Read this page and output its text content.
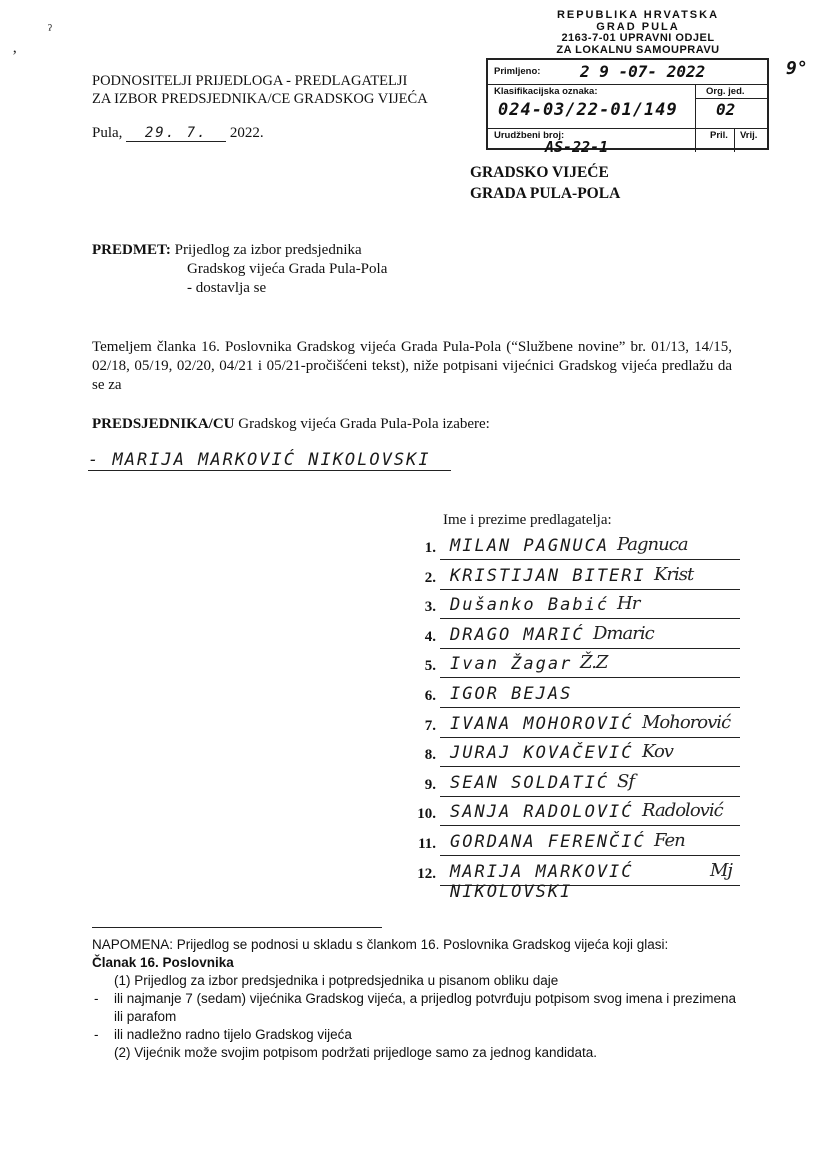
ˀ
ʼ
REPUBLIKA HRVATSKA
GRAD PULA
2163-7-01 UPRAVNI ODJEL
ZA LOKALNU SAMOUPRAVU
Primljeno: 2 9 -07- 2022
Klasifikacijska oznaka:	Org. jed.
024-03/22-01/149 02
Urudžbeni broj:	Pril. Vrij.
AS-22-1
9°
PODNOSITELJI PRIJEDLOGA - PREDLAGATELJI
ZA IZBOR PREDSJEDNIKA/CE GRADSKOG VIJEĆA
Pula, 29. 7. 2022.
GRADSKO VIJEĆE
GRADA PULA-POLA
PREDMET: Prijedlog za izbor predsjednika
Gradskog vijeća Grada Pula-Pola
- dostavlja se
Temeljem članka 16. Poslovnika Gradskog vijeća Grada Pula-Pola (“Službene novine” br. 01/13, 14/15, 02/18, 05/19, 02/20, 04/21 i 05/21-pročišćeni tekst), niže potpisani vijećnici Gradskog vijeća predlažu da se za
PREDSJEDNIKA/CU Gradskog vijeća Grada Pula-Pola izabere:
- MARIJA MARKOVIĆ NIKOLOVSKI
Ime i prezime predlagatelja:
1. MILAN PAGNUCA Pagnuca
2. KRISTIJAN BITERI Krist
3. Dušanko Babić Hr
4. DRAGO MARIĆ Dmaric
5. Ivan Žagar Ž.Z
6. IGOR BEJAS
7. IVANA MOHOROVIĆ Mohorović
8. JURAJ KOVAČEVIĆ Kov
9. SEAN SOLDATIĆ Sf
10. SANJA RADOLOVIĆ Radolović
11. GORDANA FERENČIĆ Fen
12. MARIJA MARKOVIĆ NIKOLOVSKI
Mj
NAPOMENA: Prijedlog se podnosi u skladu s člankom 16. Poslovnika Gradskog vijeća koji glasi:
Članak 16. Poslovnika
(1) Prijedlog za izbor predsjednika i potpredsjednika u pisanom obliku daje
- ili najmanje 7 (sedam) vijećnika Gradskog vijeća, a prijedlog potvrđuju potpisom svog imena i prezimena ili parafom
- ili nadležno radno tijelo Gradskog vijeća
(2) Vijećnik može svojim potpisom podržati prijedloge samo za jednog kandidata.
